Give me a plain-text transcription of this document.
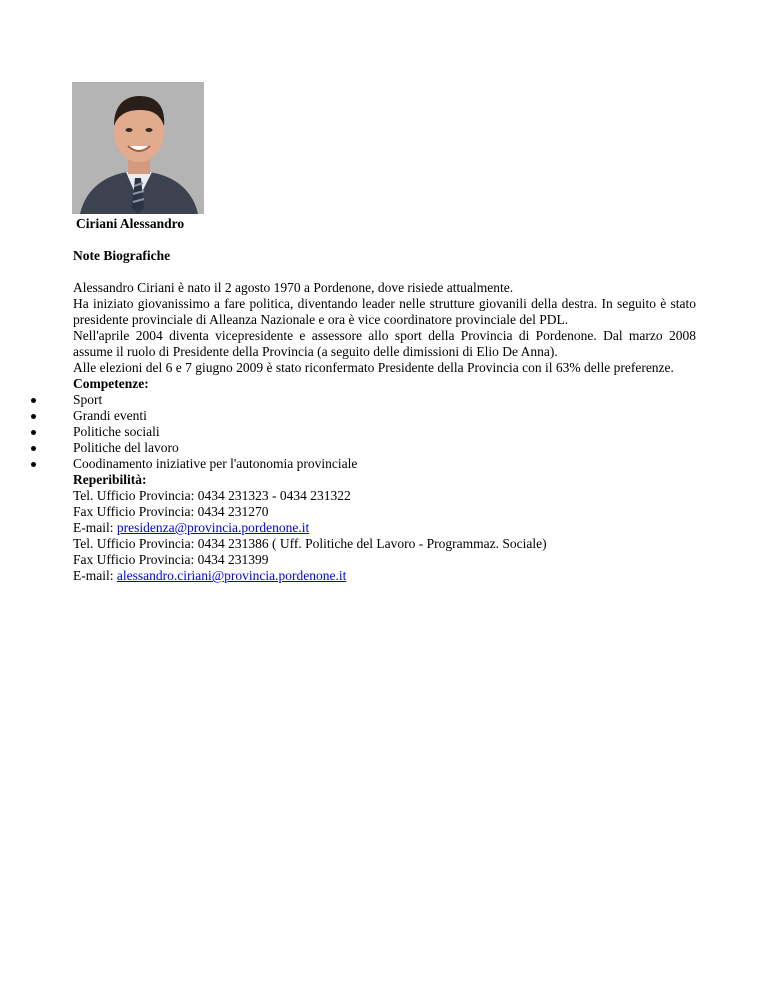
Ciriani Alessandro
Note Biografiche

Alessandro Ciriani è nato il 2 agosto 1970 a Pordenone, dove risiede attualmente.

Ha iniziato giovanissimo a fare politica, diventando leader nelle strutture giovanili della destra. In seguito è stato presidente provinciale di Alleanza Nazionale e ora è vice coordinatore provinciale del PDL.

Nell'aprile 2004 diventa vicepresidente e assessore allo sport della Provincia di Pordenone. Dal marzo 2008 assume il ruolo di Presidente della Provincia (a seguito delle dimissioni di Elio De Anna).

Alle elezioni del 6 e 7 giugno 2009 è stato riconfermato Presidente della Provincia con il 63% delle preferenze.

Competenze:
Sport
Grandi eventi
Politiche sociali
Politiche del lavoro
Coodinamento iniziative per l'autonomia provinciale
Reperibilità:
Tel. Ufficio Provincia: 0434 231323 - 0434 231322
Fax Ufficio Provincia: 0434 231270
E-mail: presidenza@provincia.pordenone.it
Tel. Ufficio Provincia: 0434 231386 ( Uff. Politiche del Lavoro - Programmaz. Sociale)
Fax Ufficio Provincia: 0434 231399
E-mail: alessandro.ciriani@provincia.pordenone.it
